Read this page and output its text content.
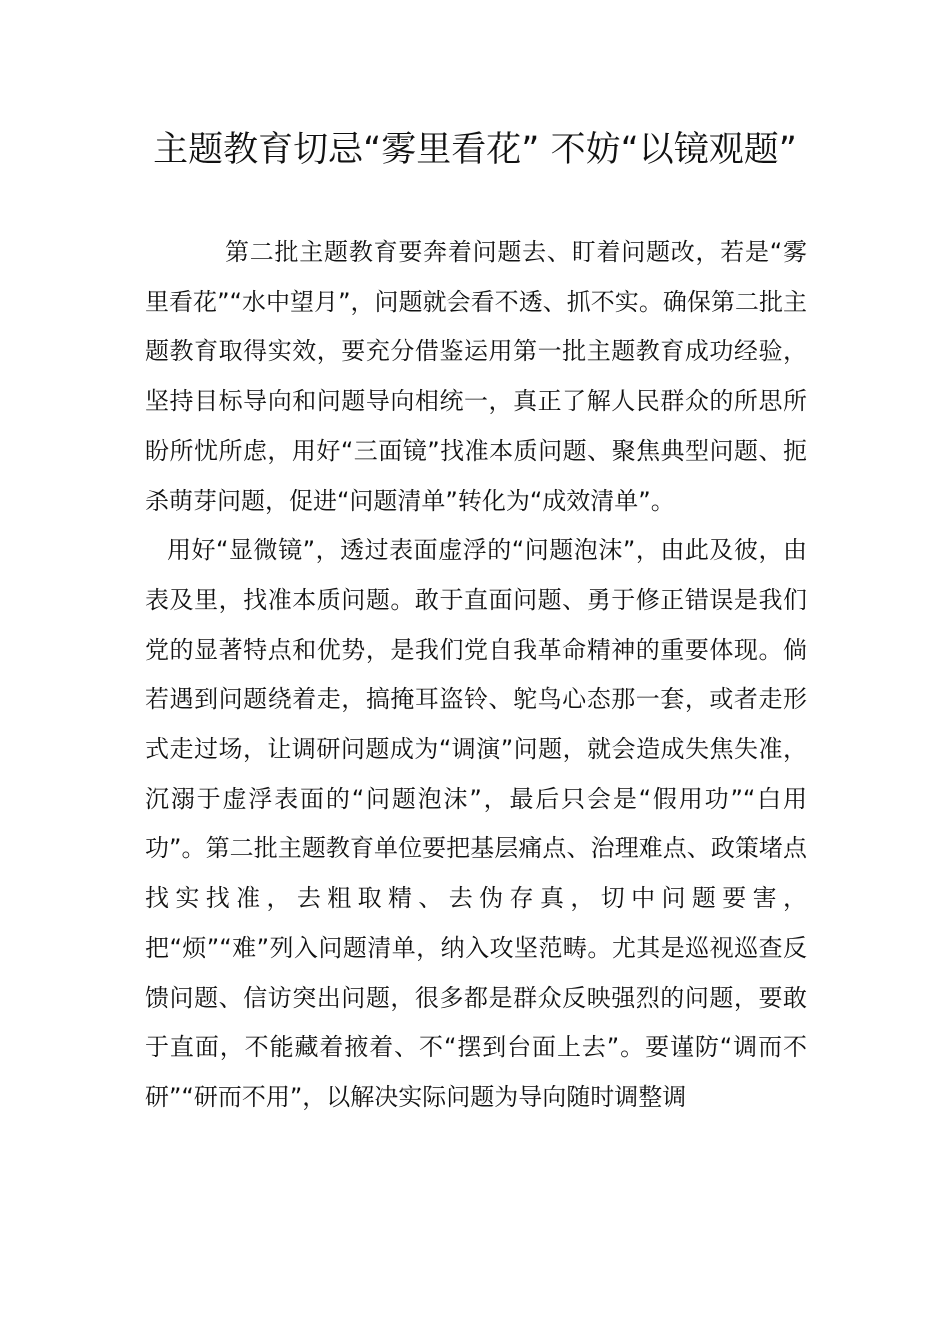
主题教育切忌“雾里看花” 不妨“以镜观题”

第二批主题教育要奔着问题去、盯着问题改，若是“雾里看花”“水中望月”，问题就会看不透、抓不实。确保第二批主题教育取得实效，要充分借鉴运用第一批主题教育成功经验，坚持目标导向和问题导向相统一，真正了解人民群众的所思所盼所忧所虑，用好“三面镜”找准本质问题、聚焦典型问题、扼杀萌芽问题，促进“问题清单”转化为“成效清单”。

用好“显微镜”，透过表面虚浮的“问题泡沫”，由此及彼，由表及里，找准本质问题。敢于直面问题、勇于修正错误是我们党的显著特点和优势，是我们党自我革命精神的重要体现。倘若遇到问题绕着走，搞掩耳盗铃、鸵鸟心态那一套，或者走形式走过场，让调研问题成为“调演”问题，就会造成失焦失准，沉溺于虚浮表面的“问题泡沫”，最后只会是“假用功”“白用功”。第二批主题教育单位要把基层痛点、治理难点、政策堵点找实找准，去粗取精、去伪存真，切中问题要害，把“烦”“难”列入问题清单，纳入攻坚范畴。尤其是巡视巡查反馈问题、信访突出问题，很多都是群众反映强烈的问题，要敢于直面，不能藏着掖着、不“摆到台面上去”。要谨防“调而不研”“研而不用”，以解决实际问题为导向随时调整调
